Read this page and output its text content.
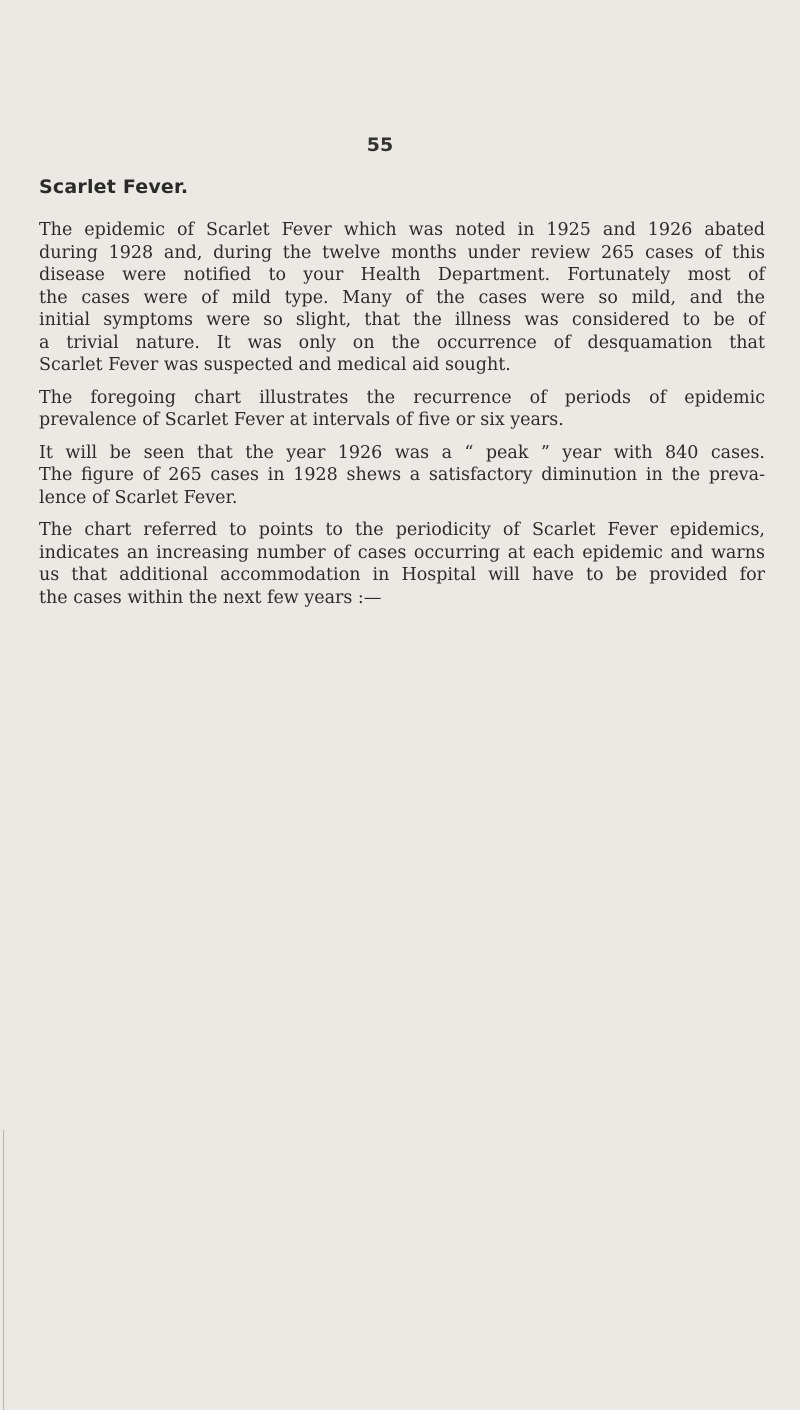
55
Scarlet Fever.

The epidemic of Scarlet Fever which was noted in 1925 and 1926 abated
during 1928 and, during the twelve months under review 265 cases of this
disease were notified to your Health Department. Fortunately most of
the cases were of mild type. Many of the cases were so mild, and the
initial symptoms were so slight, that the illness was considered to be of
a trivial nature. It was only on the occurrence of desquamation that
Scarlet Fever was suspected and medical aid sought.

The foregoing chart illustrates the recurrence of periods of epidemic
prevalence of Scarlet Fever at intervals of five or six years.

It will be seen that the year 1926 was a “ peak ” year with 840 cases.
The figure of 265 cases in 1928 shews a satisfactory diminution in the preva-
lence of Scarlet Fever.

The chart referred to points to the periodicity of Scarlet Fever epidemics,
indicates an increasing number of cases occurring at each epidemic and warns
us that additional accommodation in Hospital will have to be provided for
the cases within the next few years :—
